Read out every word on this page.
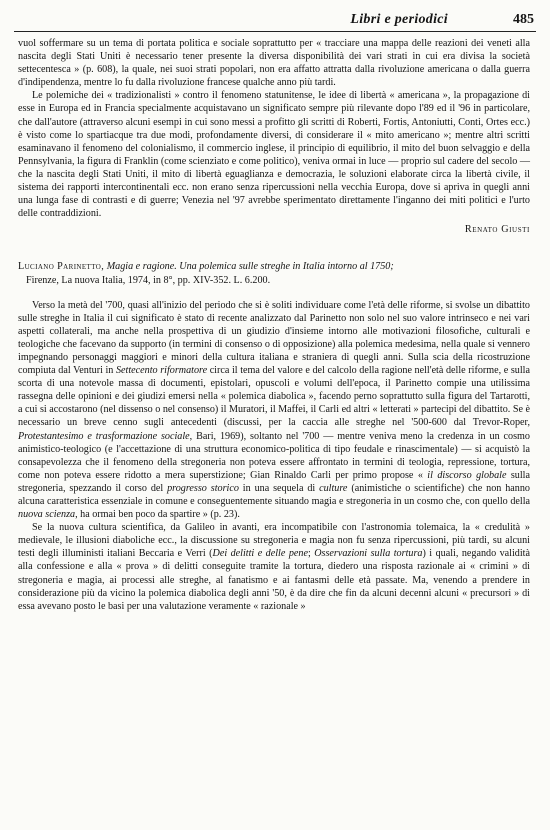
Libri e periodici	485

vuol soffermare su un tema di portata politica e sociale soprattutto per « tracciare una mappa delle reazioni dei veneti alla nascita degli Stati Uniti è necessario tener presente la diversa disponibilità dei vari strati in cui era divisa la società settecentesca » (p. 608), la quale, nei suoi strati popolari, non era affatto attratta dalla rivoluzione americana o dalla guerra d'indipendenza, mentre lo fu dalla rivoluzione francese qualche anno più tardi.

Le polemiche dei « tradizionalisti » contro il fenomeno statunitense, le idee di libertà « americana », la propagazione di esse in Europa ed in Francia specialmente acquistavano un significato sempre più rilevante dopo l'89 ed il '96 in particolare, che dall'autore (attraverso alcuni esempi in cui sono messi a profitto gli scritti di Roberti, Fortis, Antoniutti, Conti, Ortes ecc.) è visto come lo spartiacque tra due modi, profondamente diversi, di considerare il « mito americano »; mentre altri scritti esaminavano il fenomeno del colonialismo, il commercio inglese, il principio di equilibrio, il mito del buon selvaggio e della Pennsylvania, la figura di Franklin (come scienziato e come politico), veniva ormai in luce — proprio sul cadere del secolo — che la nascita degli Stati Uniti, il mito di libertà eguaglianza e democrazia, le soluzioni elaborate circa la libertà civile, il sistema dei rapporti intercontinentali ecc. non erano senza ripercussioni nella vecchia Europa, dove si apriva in quegli anni una lunga fase di contrasti e di guerre; Venezia nel '97 avrebbe sperimentato direttamente l'inganno dei miti politici e l'urto delle contraddizioni.

Renato Giusti
Luciano Parinetto, Magia e ragione. Una polemica sulle streghe in Italia intorno al 1750;
Firenze, La nuova Italia, 1974, in 8°, pp. XIV-352. L. 6.200.

Verso la metà del '700, quasi all'inizio del periodo che si è soliti individuare come l'età delle riforme, si svolse un dibattito sulle streghe in Italia il cui significato è stato di recente analizzato dal Parinetto non solo nel suo valore intrinseco e nei vari aspetti collaterali, ma anche nella prospettiva di un giudizio d'insieme intorno alle motivazioni filosofiche, culturali e teologiche che facevano da supporto (in termini di consenso o di opposizione) alla polemica medesima, nella quale si vennero impegnando personaggi maggiori e minori della cultura italiana e straniera di quegli anni. Sulla scia della ricostruzione compiuta dal Venturi in Settecento riformatore circa il tema del valore e del calcolo della ragione nell'età delle riforme, e sulla scorta di una notevole massa di documenti, epistolari, opuscoli e volumi dell'epoca, il Parinetto compie una utilissima rassegna delle opinioni e dei giudizi emersi nella « polemica diabolica », facendo perno soprattutto sulla figura del Tartarotti, a cui si accostarono (nel dissenso o nel consenso) il Muratori, il Maffei, il Carli ed altri « letterati » partecipi del dibattito. Se è necessario un breve cenno sugli antecedenti (discussi, per la caccia alle streghe nel '500-600 dal Trevor-Roper, Protestantesimo e trasformazione sociale, Bari, 1969), soltanto nel '700 — mentre veniva meno la credenza in un cosmo animistico-teologico (e l'accettazione di una struttura economico-politica di tipo feudale e rinascimentale) — si acquistò la consapevolezza che il fenomeno della stregoneria non poteva essere affrontato in termini di teologia, repressione, tortura, come non poteva essere ridotto a mera superstizione; Gian Rinaldo Carli per primo propose « il discorso globale sulla stregoneria, spezzando il corso del progresso storico in una sequela di culture (animistiche o scientifiche) che non hanno alcuna caratteristica essenziale in comune e conseguentemente situando magia e stregoneria in un cosmo che, con quello della nuova scienza, ha ormai ben poco da spartire » (p. 23).

Se la nuova cultura scientifica, da Galileo in avanti, era incompatibile con l'astronomia tolemaica, la « credulità » medievale, le illusioni diaboliche ecc., la discussione su stregoneria e magia non fu senza ripercussioni, più tardi, su alcuni testi degli illuministi italiani Beccaria e Verri (Dei delitti e delle pene; Osservazioni sulla tortura) i quali, negando validità alla confessione e alla « prova » di delitti conseguite tramite la tortura, diedero una risposta razionale ai « crimini » di stregoneria e magia, ai processi alle streghe, al fanatismo e ai fantasmi delle età passate. Ma, venendo a prendere in considerazione più da vicino la polemica diabolica degli anni '50, è da dire che fin da alcuni decenni alcuni « precursori » di essa avevano posto le basi per una valutazione veramente « razionale »
